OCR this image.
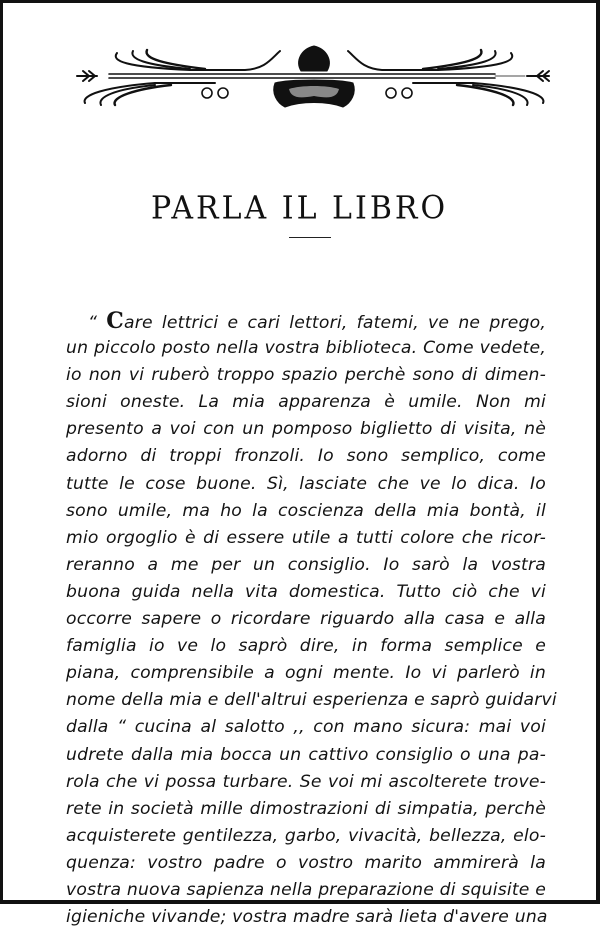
PARLA IL LIBRO
“ Care lettrici e cari lettori, fatemi, ve ne prego,
un piccolo posto nella vostra biblioteca. Come vedete,
io non vi ruberò troppo spazio perchè sono di dimen-
sioni oneste. La mia apparenza è umile. Non mi
presento a voi con un pomposo biglietto di visita, nè
adorno di troppi fronzoli. Io sono semplico, come
tutte le cose buone. Sì, lasciate che ve lo dica. Io
sono umile, ma ho la coscienza della mia bontà, il
mio orgoglio è di essere utile a tutti colore che ricor-
reranno a me per un consiglio. Io sarò la vostra
buona guida nella vita domestica. Tutto ciò che vi
occorre sapere o ricordare riguardo alla casa e alla
famiglia io ve lo saprò dire, in forma semplice e
piana, comprensibile a ogni mente. Io vi parlerò in
nome della mia e dell'altrui esperienza e saprò guidarvi
dalla “ cucina al salotto ,, con mano sicura: mai voi
udrete dalla mia bocca un cattivo consiglio o una pa-
rola che vi possa turbare. Se voi mi ascolterete trove-
rete in società mille dimostrazioni di simpatia, perchè
acquisterete gentilezza, garbo, vivacità, bellezza, elo-
quenza: vostro padre o vostro marito ammirerà la
vostra nuova sapienza nella preparazione di squisite e
igieniche vivande; vostra madre sarà lieta d'avere una
